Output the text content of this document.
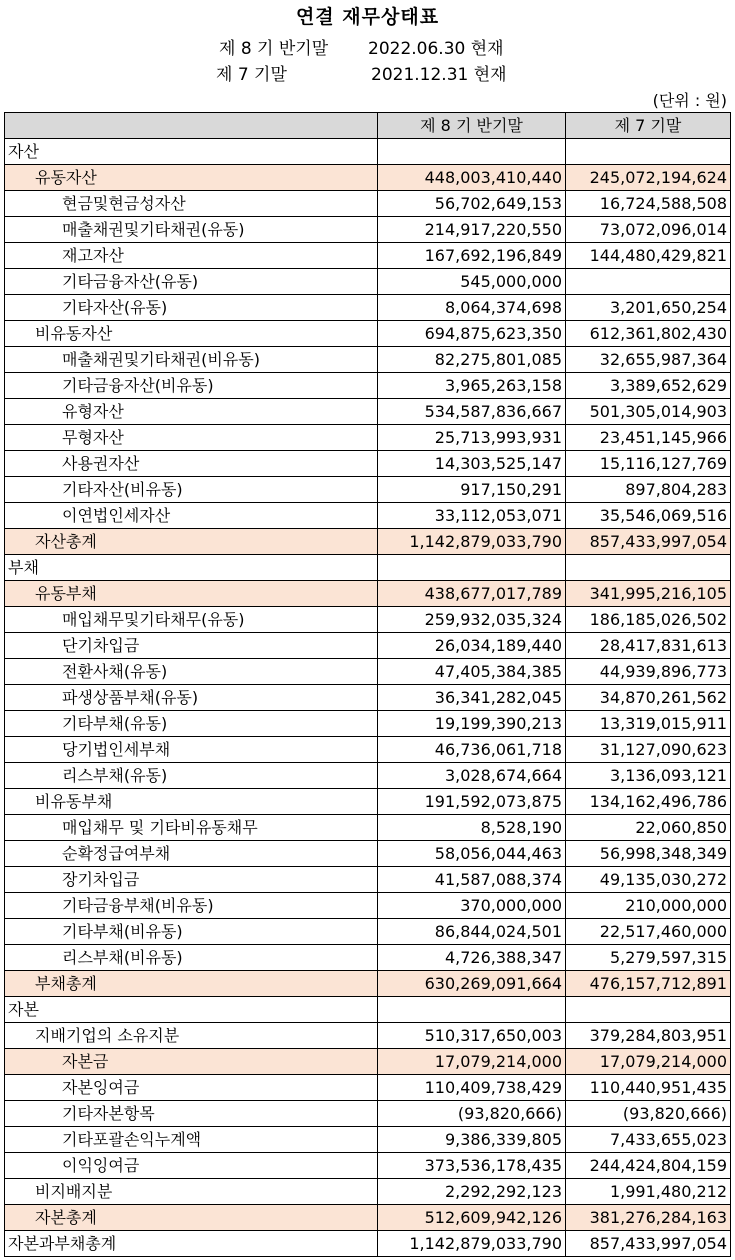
연결 재무상태표
제 8 기 반기말 2022.06.30 현재
제 7 기말	2021.12.31 현재
(단위 : 원)
	제 8 기 반기말	제 7 기말
자산		
유동자산	448,003,410,440	245,072,194,624
현금및현금성자산	56,702,649,153	16,724,588,508
매출채권및기타채권(유동)	214,917,220,550	73,072,096,014
재고자산	167,692,196,849	144,480,429,821
기타금융자산(유동)	545,000,000	
기타자산(유동)	8,064,374,698	3,201,650,254
비유동자산	694,875,623,350	612,361,802,430
매출채권및기타채권(비유동)	82,275,801,085	32,655,987,364
기타금융자산(비유동)	3,965,263,158	3,389,652,629
유형자산	534,587,836,667	501,305,014,903
무형자산	25,713,993,931	23,451,145,966
사용권자산	14,303,525,147	15,116,127,769
기타자산(비유동)	917,150,291	897,804,283
이연법인세자산	33,112,053,071	35,546,069,516
자산총계	1,142,879,033,790	857,433,997,054
부채		
유동부채	438,677,017,789	341,995,216,105
매입채무및기타채무(유동)	259,932,035,324	186,185,026,502
단기차입금	26,034,189,440	28,417,831,613
전환사채(유동)	47,405,384,385	44,939,896,773
파생상품부채(유동)	36,341,282,045	34,870,261,562
기타부채(유동)	19,199,390,213	13,319,015,911
당기법인세부채	46,736,061,718	31,127,090,623
리스부채(유동)	3,028,674,664	3,136,093,121
비유동부채	191,592,073,875	134,162,496,786
매입채무 및 기타비유동채무	8,528,190	22,060,850
순확정급여부채	58,056,044,463	56,998,348,349
장기차입금	41,587,088,374	49,135,030,272
기타금융부채(비유동)	370,000,000	210,000,000
기타부채(비유동)	86,844,024,501	22,517,460,000
리스부채(비유동)	4,726,388,347	5,279,597,315
부채총계	630,269,091,664	476,157,712,891
자본		
지배기업의 소유지분	510,317,650,003	379,284,803,951
자본금	17,079,214,000	17,079,214,000
자본잉여금	110,409,738,429	110,440,951,435
기타자본항목	(93,820,666)	(93,820,666)
기타포괄손익누계액	9,386,339,805	7,433,655,023
이익잉여금	373,536,178,435	244,424,804,159
비지배지분	2,292,292,123	1,991,480,212
자본총계	512,609,942,126	381,276,284,163
자본과부채총계	1,142,879,033,790	857,433,997,054
